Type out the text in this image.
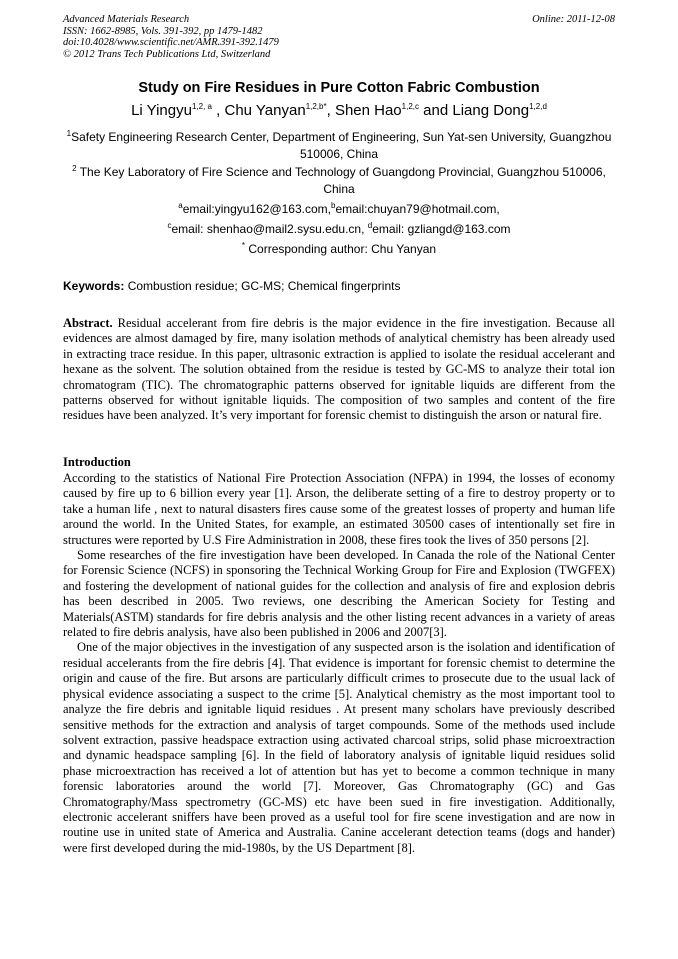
Advanced Materials Research
ISSN: 1662-8985, Vols. 391-392, pp 1479-1482
doi:10.4028/www.scientific.net/AMR.391-392.1479
© 2012 Trans Tech Publications Ltd, Switzerland
Online: 2011-12-08
Study on Fire Residues in Pure Cotton Fabric Combustion
Li Yingyu$^{1,2, a}$ , Chu Yanyan$^{1,2,b*}$, Shen Hao$^{1,2,c}$ and Liang Dong$^{1,2,d}$
$^1$Safety Engineering Research Center, Department of Engineering, Sun Yat-sen University, Guangzhou 510006, China
$^2$ The Key Laboratory of Fire Science and Technology of Guangdong Provincial, Guangzhou 510006, China
$^a$email:yingyu162@163.com,$^b$email:chuyan79@hotmail.com,
$^c$email: shenhao@mail2.sysu.edu.cn, $^d$email: gzliangd@163.com
* Corresponding author: Chu Yanyan
Keywords: Combustion residue; GC-MS; Chemical fingerprints

Abstract. Residual accelerant from fire debris is the major evidence in the fire investigation. Because all evidences are almost damaged by fire, many isolation methods of analytical chemistry has been already used in extracting trace residue. In this paper, ultrasonic extraction is applied to isolate the residual accelerant and hexane as the solvent. The solution obtained from the residue is tested by GC-MS to analyze their total ion chromatogram (TIC). The chromatographic patterns observed for ignitable liquids are different from the patterns observed for without ignitable liquids. The composition of two samples and content of the fire residues have been analyzed. It’s very important for forensic chemist to distinguish the arson or natural fire.

Introduction

According to the statistics of National Fire Protection Association (NFPA) in 1994, the losses of economy caused by fire up to 6 billion every year [1]. Arson, the deliberate setting of a fire to destroy property or to take a human life , next to natural disasters fires cause some of the greatest losses of property and human life around the world. In the United States, for example, an estimated 30500 cases of intentionally set fire in structures were reported by U.S Fire Administration in 2008, these fires took the lives of 350 persons [2].

Some researches of the fire investigation have been developed. In Canada the role of the National Center for Forensic Science (NCFS) in sponsoring the Technical Working Group for Fire and Explosion (TWGFEX) and fostering the development of national guides for the collection and analysis of fire and explosion debris has been described in 2005. Two reviews, one describing the American Society for Testing and Materials(ASTM) standards for fire debris analysis and the other listing recent advances in a variety of areas related to fire debris analysis, have also been published in 2006 and 2007[3].

One of the major objectives in the investigation of any suspected arson is the isolation and identification of residual accelerants from the fire debris [4]. That evidence is important for forensic chemist to determine the origin and cause of the fire. But arsons are particularly difficult crimes to prosecute due to the usual lack of physical evidence associating a suspect to the crime [5]. Analytical chemistry as the most important tool to analyze the fire debris and ignitable liquid residues . At present many scholars have previously described sensitive methods for the extraction and analysis of target compounds. Some of the methods used include solvent extraction, passive headspace extraction using activated charcoal strips, solid phase microextraction and dynamic headspace sampling [6]. In the field of laboratory analysis of ignitable liquid residues solid phase microextraction has received a lot of attention but has yet to become a common technique in many forensic laboratories around the world [7]. Moreover, Gas Chromatography (GC) and Gas Chromatography/Mass spectrometry (GC-MS) etc have been sued in fire investigation. Additionally, electronic accelerant sniffers have been proved as a useful tool for fire scene investigation and are now in routine use in united state of America and Australia. Canine accelerant detection teams (dogs and hander) were first developed during the mid-1980s, by the US Department [8].
